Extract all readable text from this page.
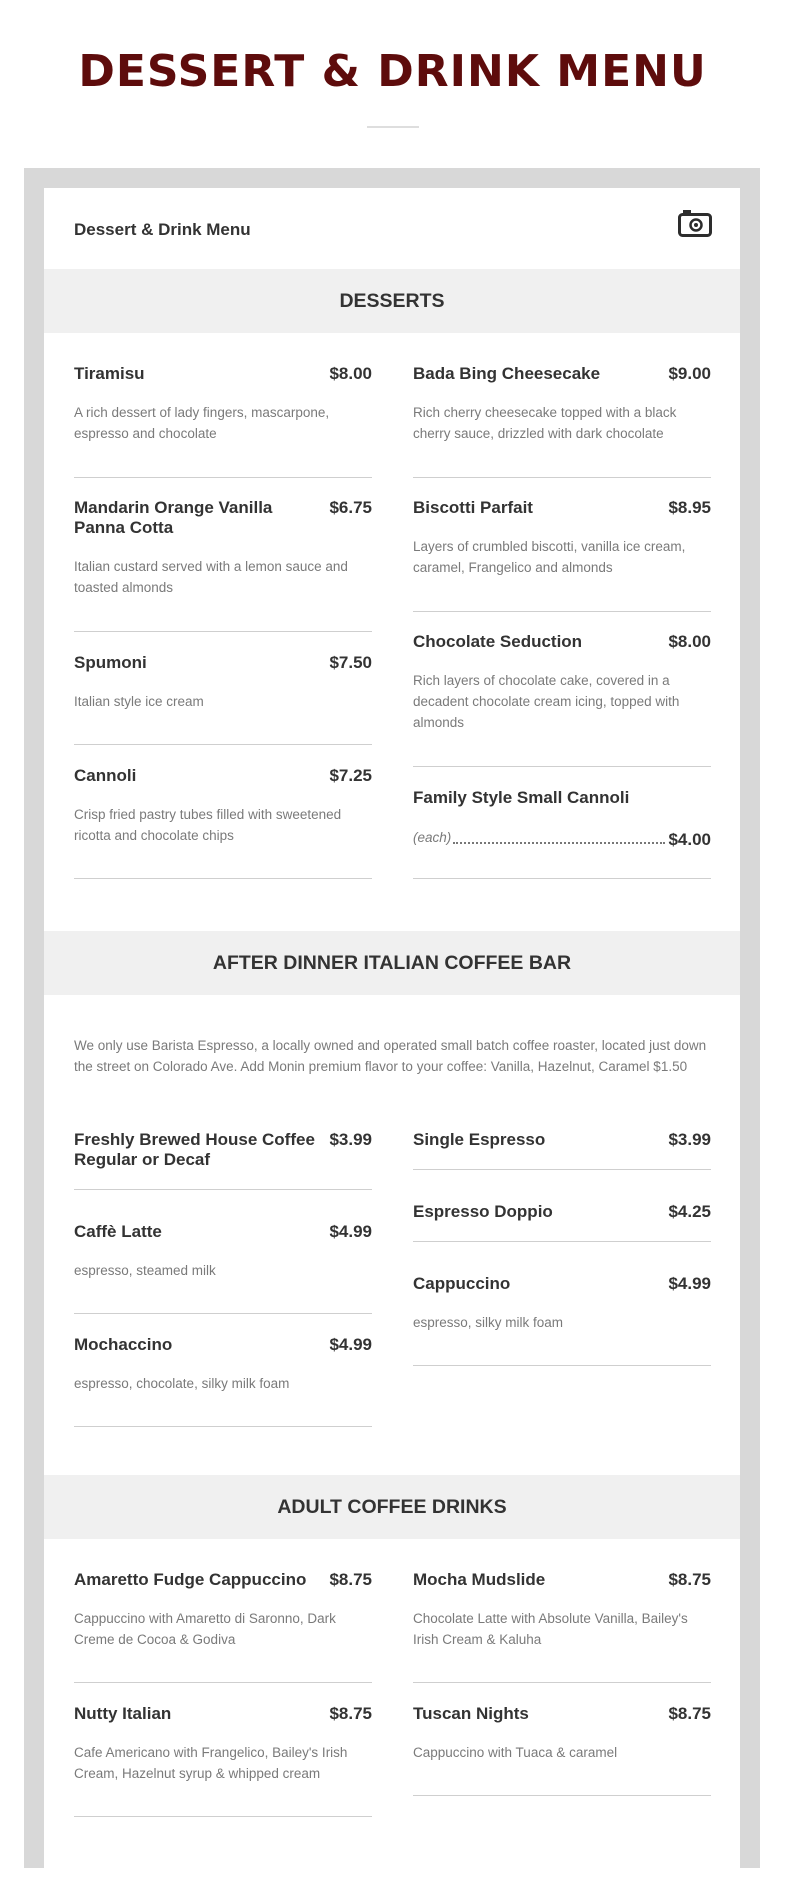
DESSERT & DRINK MENU
Dessert & Drink Menu
DESSERTS
Tiramisu	$8.00
A rich dessert of lady fingers, mascarpone, espresso and chocolate
Mandarin Orange Vanilla Panna Cotta
$6.75
Italian custard served with a lemon sauce and toasted almonds
Spumoni	$7.50
Italian style ice cream
Cannoli	$7.25
Crisp fried pastry tubes filled with sweetened ricotta and chocolate chips
Bada Bing Cheesecake	$9.00
Rich cherry cheesecake topped with a black cherry sauce, drizzled with dark chocolate
Biscotti Parfait	$8.95
Layers of crumbled biscotti, vanilla ice cream, caramel, Frangelico and almonds
Chocolate Seduction	$8.00
Rich layers of chocolate cake, covered in a decadent chocolate cream icing, topped with almonds
Family Style Small Cannoli
(each)	$4.00
AFTER DINNER ITALIAN COFFEE BAR
We only use Barista Espresso, a locally owned and operated small batch coffee roaster, located just down the street on Colorado Ave. Add Monin premium flavor to your coffee: Vanilla, Hazelnut, Caramel $1.50
Freshly Brewed House Coffee Regular or Decaf
$3.99
Caffè Latte	$4.99
espresso, steamed milk
Mochaccino	$4.99
espresso, chocolate, silky milk foam
Single Espresso	$3.99
Espresso Doppio	$4.25
Cappuccino	$4.99
espresso, silky milk foam
ADULT COFFEE DRINKS
Amaretto Fudge Cappuccino	$8.75
Cappuccino with Amaretto di Saronno, Dark Creme de Cocoa & Godiva
Nutty Italian	$8.75
Cafe Americano with Frangelico, Bailey's Irish Cream, Hazelnut syrup & whipped cream
Mocha Mudslide	$8.75
Chocolate Latte with Absolute Vanilla, Bailey's Irish Cream & Kaluha
Tuscan Nights	$8.75
Cappuccino with Tuaca & caramel
